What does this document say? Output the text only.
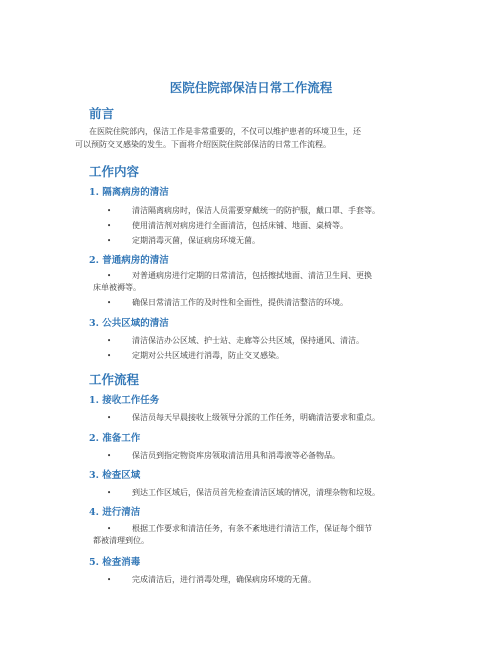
医院住院部保洁日常工作流程
前言
在医院住院部内，保洁工作是非常重要的，不仅可以维护患者的环境卫生，还
可以预防交叉感染的发生。下面将介绍医院住院部保洁的日常工作流程。
工作内容
1. 隔离病房的清洁
•	清洁隔离病房时，保洁人员需要穿戴统一的防护服，戴口罩、手套等。
•	使用清洁剂对病房进行全面清洁，包括床铺、地面、桌椅等。
•	定期消毒灭菌，保证病房环境无菌。
2. 普通病房的清洁
•	对普通病房进行定期的日常清洁，包括擦拭地面、清洁卫生间、更换
床单被褥等。
•	确保日常清洁工作的及时性和全面性，提供清洁整洁的环境。
3. 公共区域的清洁
•	清洁保洁办公区域、护士站、走廊等公共区域，保持通风、清洁。
•	定期对公共区域进行消毒，防止交叉感染。
工作流程
1. 接收工作任务
•	保洁员每天早晨接收上级领导分派的工作任务，明确清洁要求和重点。
2. 准备工作
•	保洁员到指定物资库房领取清洁用具和消毒液等必备物品。
3. 检查区域
•	到达工作区域后，保洁员首先检查清洁区域的情况，清理杂物和垃圾。
4. 进行清洁
•	根据工作要求和清洁任务，有条不紊地进行清洁工作，保证每个细节
都被清理到位。
5. 检查消毒
•	完成清洁后，进行消毒处理，确保病房环境的无菌。
